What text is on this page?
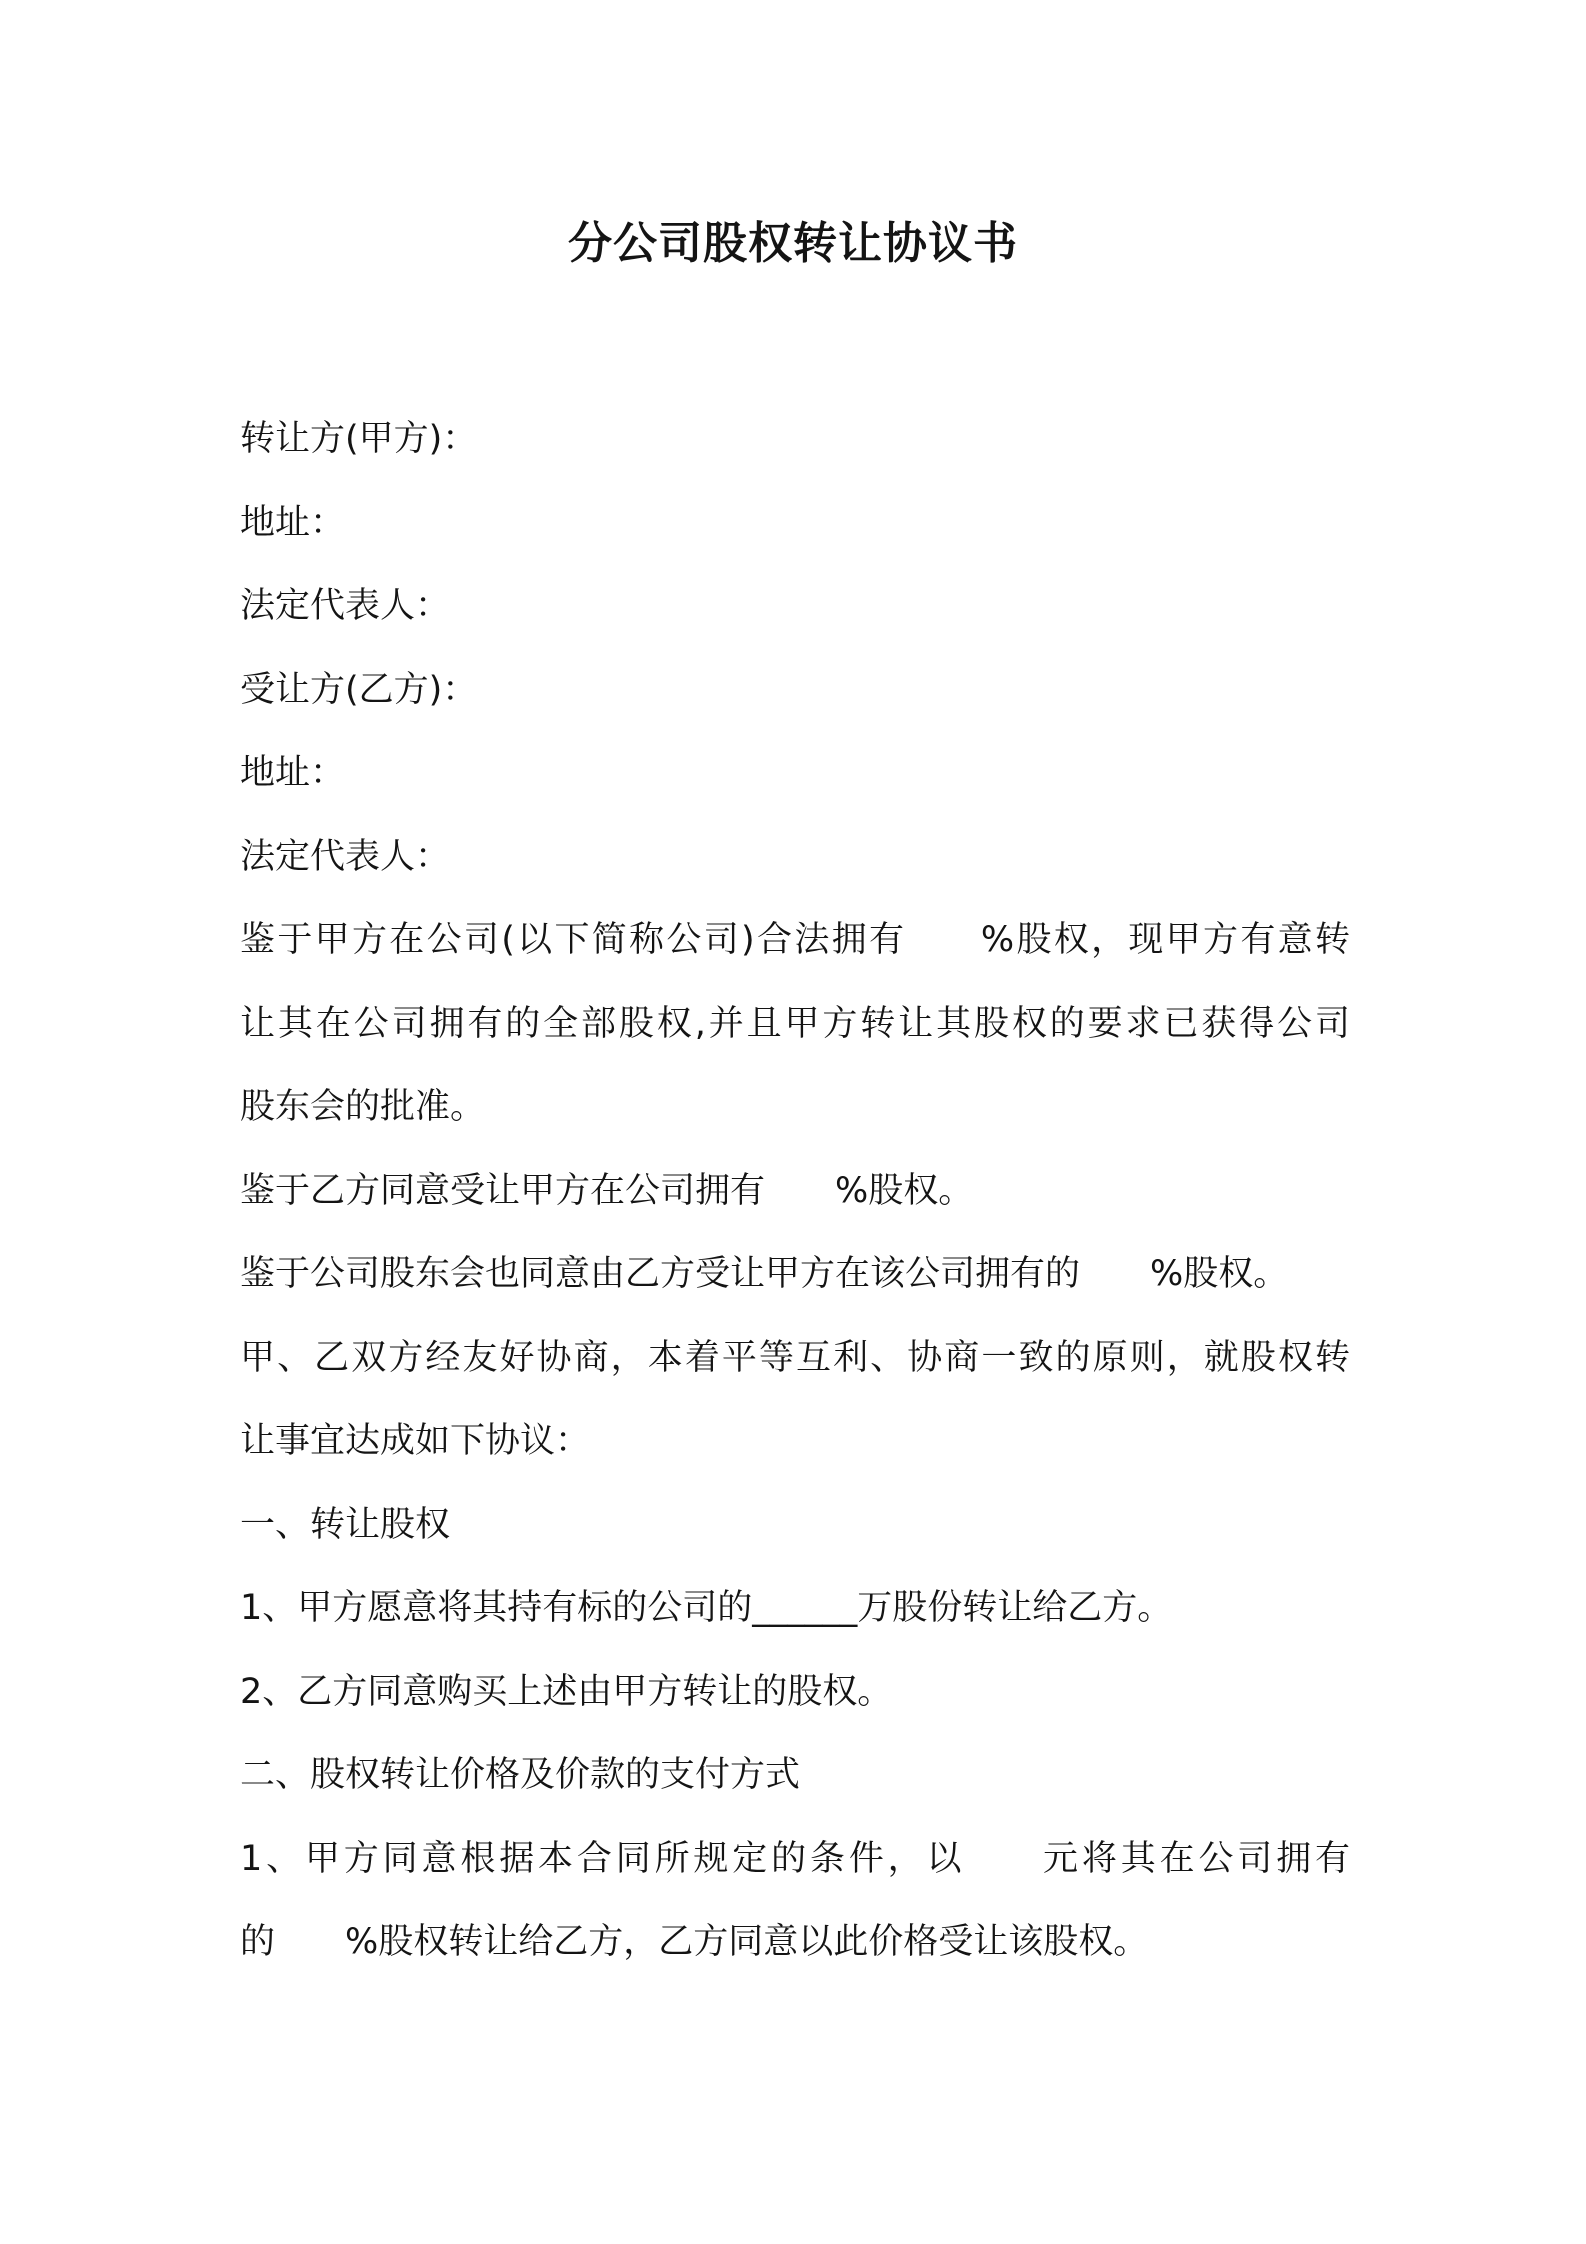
分公司股权转让协议书
转让方(甲方)：
地址：
法定代表人：
受让方(乙方)：
地址：
法定代表人：
鉴于甲方在公司(以下简称公司)合法拥有　　%股权，现甲方有意转
让其在公司拥有的全部股权,并且甲方转让其股权的要求已获得公司
股东会的批准。
鉴于乙方同意受让甲方在公司拥有　　%股权。
鉴于公司股东会也同意由乙方受让甲方在该公司拥有的　　%股权。
甲、乙双方经友好协商，本着平等互利、协商一致的原则，就股权转
让事宜达成如下协议：
一、转让股权
1、甲方愿意将其持有标的公司的______万股份转让给乙方。
2、乙方同意购买上述由甲方转让的股权。
二、股权转让价格及价款的支付方式
1、甲方同意根据本合同所规定的条件，以　　元将其在公司拥有
的　　%股权转让给乙方，乙方同意以此价格受让该股权。
